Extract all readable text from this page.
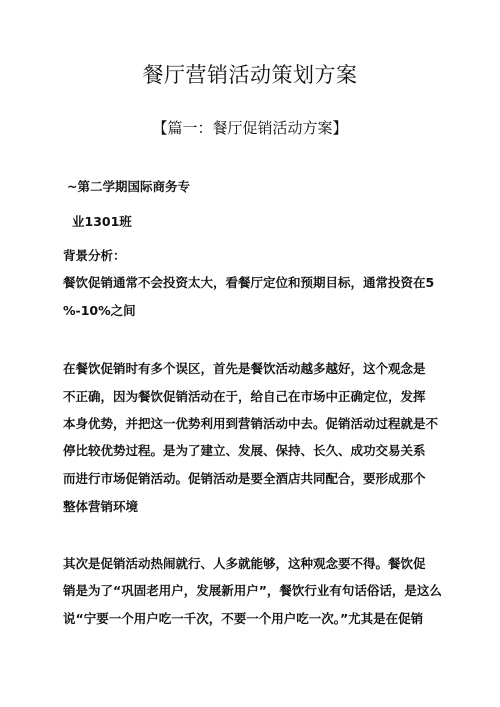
餐厅营销活动策划方案
【篇一：餐厅促销活动方案】
~第二学期国际商务专
业1301班
背景分析：
餐饮促销通常不会投资太大，看餐厅定位和预期目标，通常投资在5
%-10%之间
在餐饮促销时有多个误区，首先是餐饮活动越多越好，这个观念是
不正确，因为餐饮促销活动在于，给自己在市场中正确定位，发挥
本身优势，并把这一优势利用到营销活动中去。促销活动过程就是不
停比较优势过程。是为了建立、发展、保持、长久、成功交易关系
而进行市场促销活动。促销活动是要全酒店共同配合，要形成那个
整体营销环境
其次是促销活动热闹就行、人多就能够，这种观念要不得。餐饮促
销是为了“巩固老用户，发展新用户”，餐饮行业有句话俗话，是这么
说“宁要一个用户吃一千次，不要一个用户吃一次。”尤其是在促销
